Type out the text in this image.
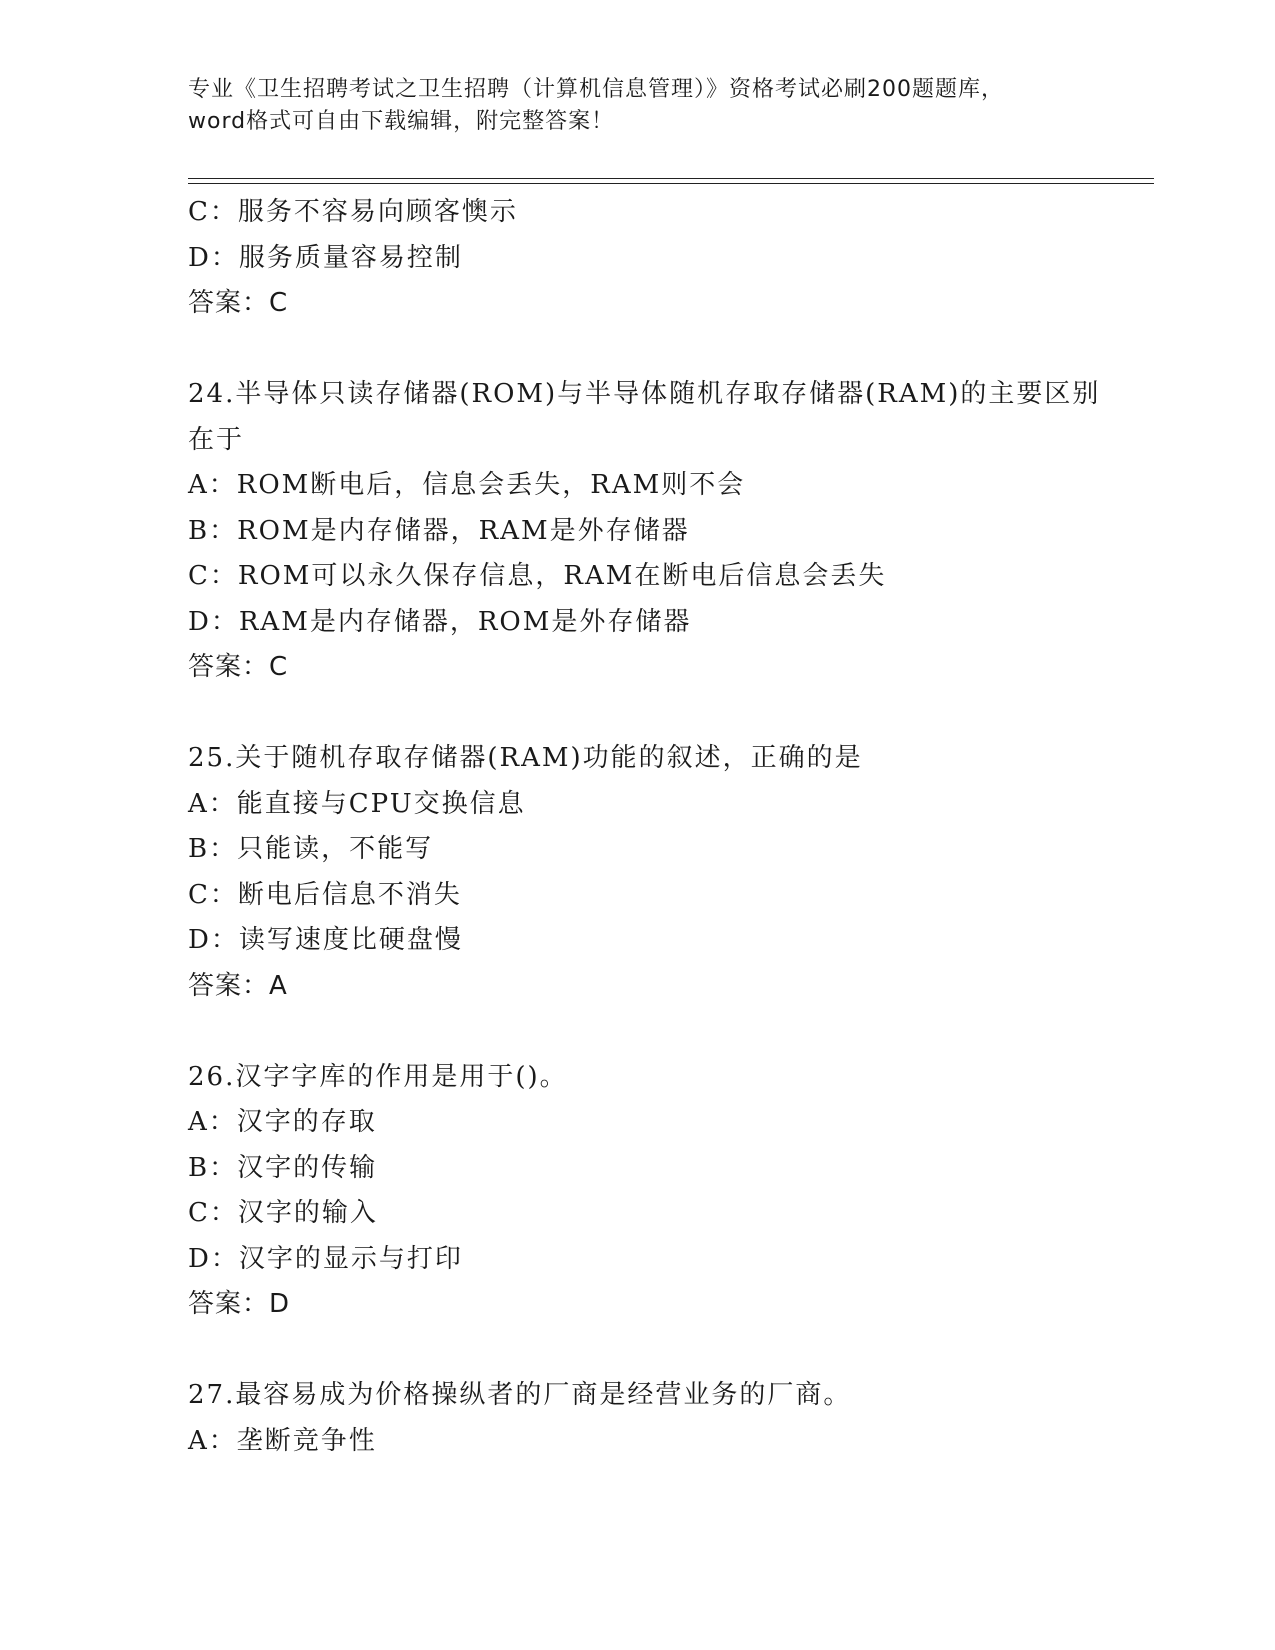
专业《卫生招聘考试之卫生招聘（计算机信息管理）》资格考试必刷200题题库，
word格式可自由下载编辑，附完整答案！
C：服务不容易向顾客懊示
D：服务质量容易控制
答案：C
24.半导体只读存储器(ROM)与半导体随机存取存储器(RAM)的主要区别
在于
A：ROM断电后，信息会丢失，RAM则不会
B：ROM是内存储器，RAM是外存储器
C：ROM可以永久保存信息，RAM在断电后信息会丢失
D：RAM是内存储器，ROM是外存储器
答案：C
25.关于随机存取存储器(RAM)功能的叙述，正确的是
A：能直接与CPU交换信息
B：只能读，不能写
C：断电后信息不消失
D：读写速度比硬盘慢
答案：A
26.汉字字库的作用是用于()。
A：汉字的存取
B：汉字的传输
C：汉字的输入
D：汉字的显示与打印
答案：D
27.最容易成为价格操纵者的厂商是经营业务的厂商。
A：垄断竞争性
